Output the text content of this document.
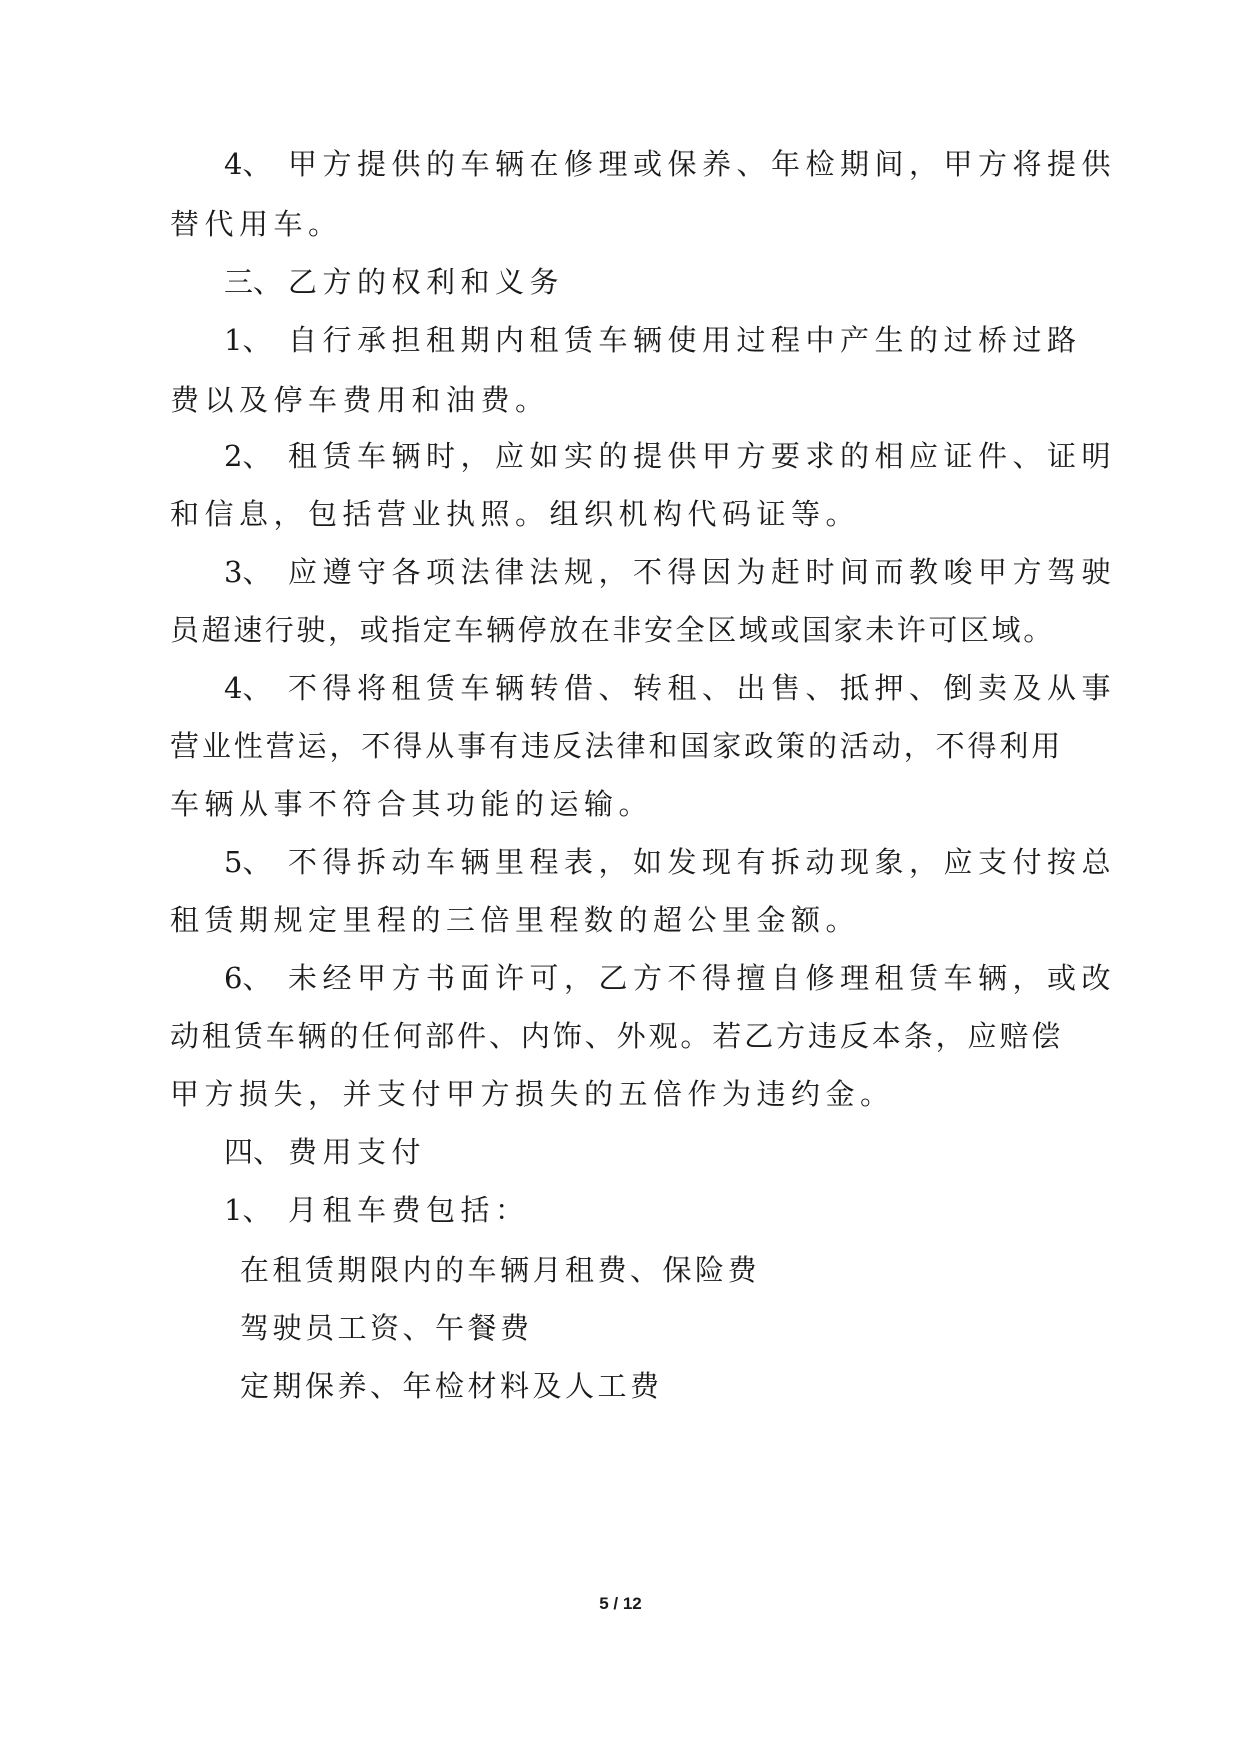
4、 甲方提供的车辆在修理或保养、年检期间，甲方将提供
替代用车。
三、 乙方的权利和义务
1、 自行承担租期内租赁车辆使用过程中产生的过桥过路
费以及停车费用和油费。
2、 租赁车辆时，应如实的提供甲方要求的相应证件、证明
和信息，包括营业执照。组织机构代码证等。
3、 应遵守各项法律法规，不得因为赶时间而教唆甲方驾驶
员超速行驶，或指定车辆停放在非安全区域或国家未许可区域。
4、 不得将租赁车辆转借、转租、出售、抵押、倒卖及从事
营业性营运，不得从事有违反法律和国家政策的活动，不得利用
车辆从事不符合其功能的运输。
5、 不得拆动车辆里程表，如发现有拆动现象，应支付按总
租赁期规定里程的三倍里程数的超公里金额。
6、 未经甲方书面许可，乙方不得擅自修理租赁车辆，或改
动租赁车辆的任何部件、内饰、外观。若乙方违反本条，应赔偿
甲方损失，并支付甲方损失的五倍作为违约金。
四、 费用支付
1、 月租车费包括：
在租赁期限内的车辆月租费、保险费
驾驶员工资、午餐费
定期保养、年检材料及人工费
5 / 12
